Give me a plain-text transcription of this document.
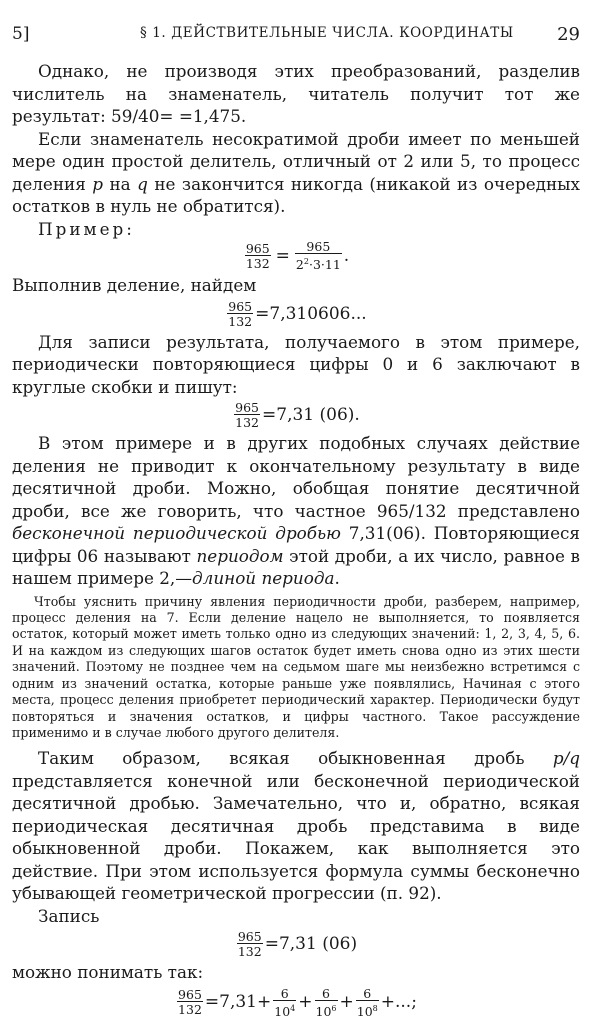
5]	§ 1. ДЕЙСТВИТЕЛЬНЫЕ ЧИСЛА. КООРДИНАТЫ 29

Однако, не производя этих преобразований, разделив числитель на знаменатель, читатель получит тот же результат: 59/40= =1,475.

Если знаменатель несократимой дроби имеет по меньшей мере один простой делитель, отличный от 2 или 5, то процесс деления p на q не закончится никогда (никакой из очередных остатков в нуль не обратится).

Пример:

$\frac{965}{132} = \frac{965}{2^2\cdot 3\cdot 11}$ .

Выполнив деление, найдем

$\frac{965}{132} =7,310606$...

Для записи результата, получаемого в этом примере, периодически повторяющиеся цифры 0 и 6 заключают в круглые скобки и пишут:

$\frac{965}{132} =7,31$ (06).

В этом примере и в других подобных случаях действие деления не приводит к окончательному результату в виде десятичной дроби. Можно, обобщая понятие десятичной дроби, все же говорить, что частное 965/132 представлено бесконечной периодической дробью 7,31(06). Повторяющиеся цифры 06 называют периодом этой дроби, а их число, равное в нашем примере 2,—длиной периода.

Чтобы уяснить причину явления периодичности дроби, разберем, например, процесс деления на 7. Если деление нацело не выполняется, то появляется остаток, который может иметь только одно из следующих значений: 1, 2, 3, 4, 5, 6. И на каждом из следующих шагов остаток будет иметь снова одно из этих шести значений. Поэтому не позднее чем на седьмом шаге мы неизбежно встретимся с одним из значений остатка, которые раньше уже появлялись, Начиная с этого места, процесс деления приобретет периодический характер. Периодически будут повторяться и значения остатков, и цифры частного. Такое рассуждение применимо и в случае любого другого делителя.

Таким образом, всякая обыкновенная дробь p/q представляется конечной или бесконечной периодической десятичной дробью. Замечательно, что и, обратно, всякая периодическая десятичная дробь представима в виде обыкновенной дроби. Покажем, как выполняется это действие. При этом используется формула суммы бесконечно убывающей геометрической прогрессии (п. 92).

Запись

$\frac{965}{132} =7,31$ (06)

можно понимать так:

$\frac{965}{132} =7,31+ \frac{6}{10^4} + \frac{6}{10^6} + \frac{6}{10^8}$ +...;
